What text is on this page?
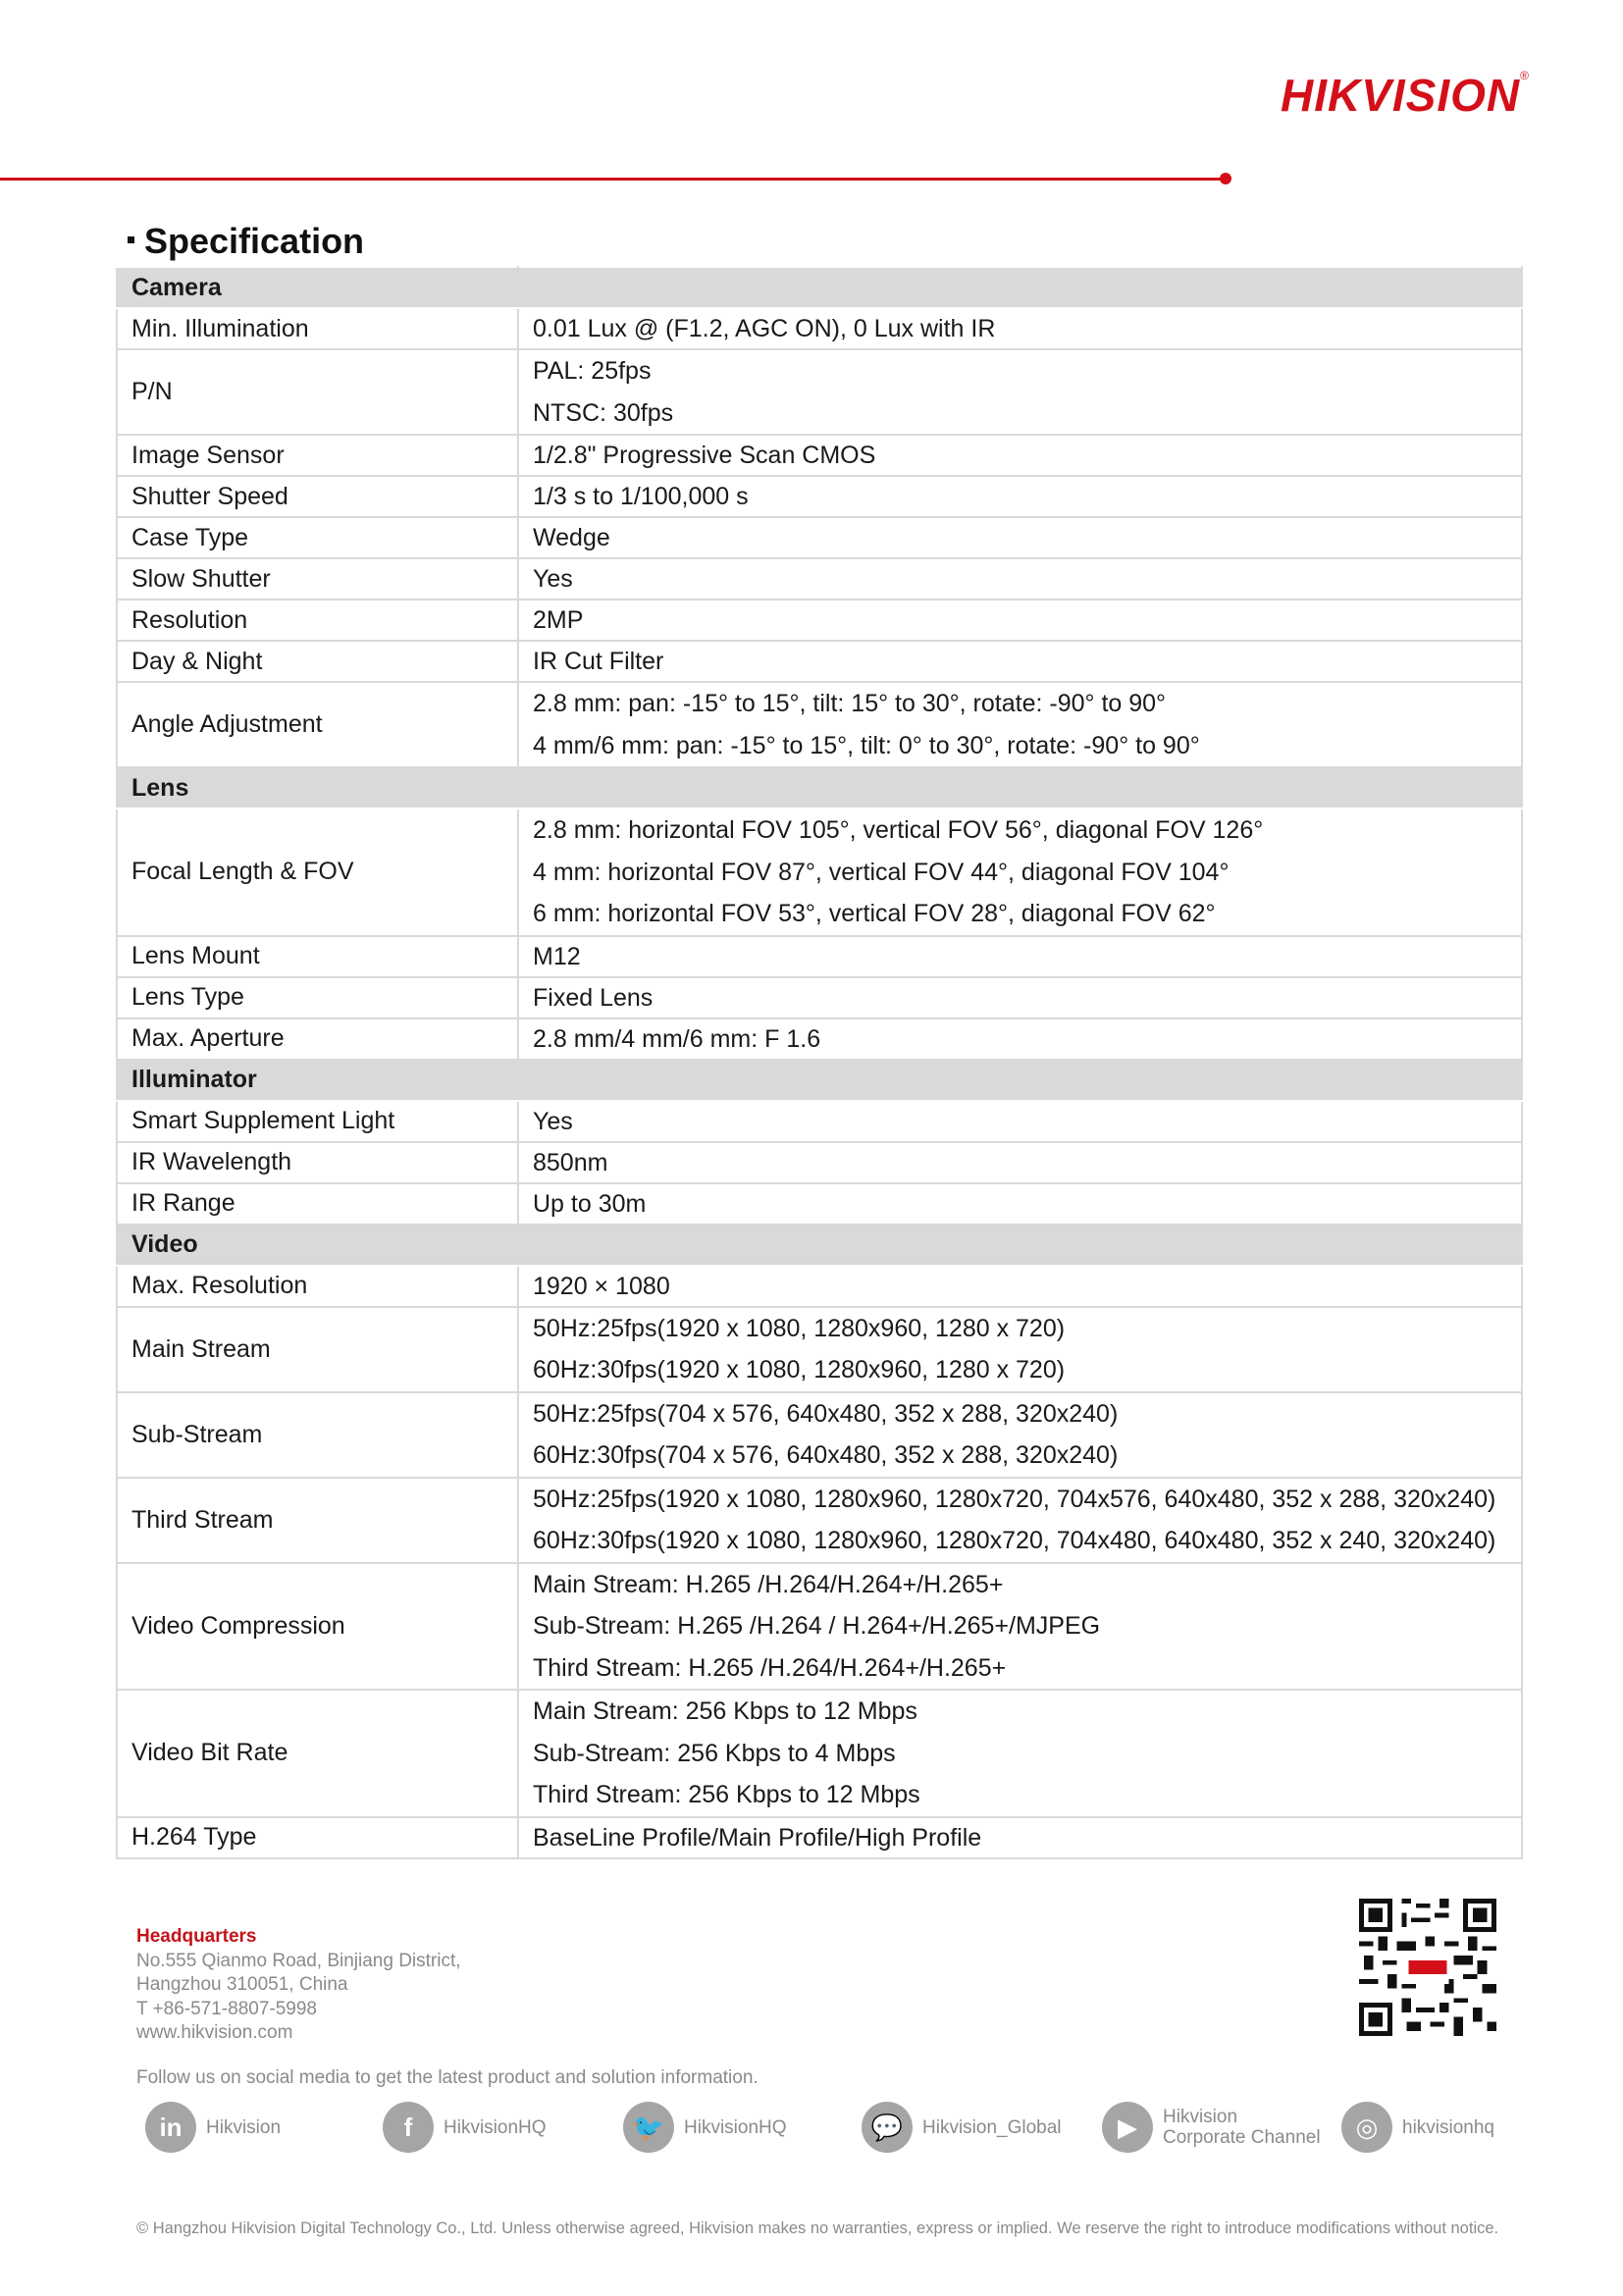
HIKVISION®
Specification
Camera	
Min. Illumination	0.01 Lux @ (F1.2, AGC ON), 0 Lux with IR

P/N	PAL: 25fps
NTSC: 30fps

Image Sensor	1/2.8" Progressive Scan CMOS

Shutter Speed	1/3 s to 1/100,000 s

Case Type	Wedge

Slow Shutter	Yes

Resolution	2MP

Day & Night	IR Cut Filter

Angle Adjustment	2.8 mm: pan: -15° to 15°, tilt: 15° to 30°, rotate: -90° to 90°
4 mm/6 mm: pan: -15° to 15°, tilt: 0° to 30°, rotate: -90° to 90°

Lens	
Focal Length & FOV	2.8 mm: horizontal FOV 105°, vertical FOV 56°, diagonal FOV 126°
4 mm: horizontal FOV 87°, vertical FOV 44°, diagonal FOV 104°
6 mm: horizontal FOV 53°, vertical FOV 28°, diagonal FOV 62°

Lens Mount	M12

Lens Type	Fixed Lens

Max. Aperture	2.8 mm/4 mm/6 mm: F 1.6

Illuminator	
Smart Supplement Light	Yes

IR Wavelength	850nm

IR Range	Up to 30m

Video	
Max. Resolution	1920 × 1080

Main Stream	50Hz:25fps(1920 x 1080, 1280x960, 1280 x 720)
60Hz:30fps(1920 x 1080, 1280x960, 1280 x 720)

Sub-Stream	50Hz:25fps(704 x 576, 640x480, 352 x 288, 320x240)
60Hz:30fps(704 x 576, 640x480, 352 x 288, 320x240)

Third Stream	50Hz:25fps(1920 x 1080, 1280x960, 1280x720, 704x576, 640x480, 352 x 288, 320x240)
60Hz:30fps(1920 x 1080, 1280x960, 1280x720, 704x480, 640x480, 352 x 240, 320x240)

Video Compression	Main Stream: H.265 /H.264/H.264+/H.265+
Sub-Stream: H.265 /H.264 / H.264+/H.265+/MJPEG
Third Stream: H.265 /H.264/H.264+/H.265+

Video Bit Rate	Main Stream: 256 Kbps to 12 Mbps
Sub-Stream: 256 Kbps to 4 Mbps
Third Stream: 256 Kbps to 12 Mbps

H.264 Type	BaseLine Profile/Main Profile/High Profile
Headquarters
No.555 Qianmo Road, Binjiang District,
Hangzhou 310051, China
T +86-571-8807-5998
www.hikvision.com
Follow us on social media to get the latest product and solution information.
in	Hikvision	f	HikvisionHQ	🐦	HikvisionHQ	💬	Hikvision_Global	▶	Hikvision
Corporate Channel	◎	hikvisionhq
© Hangzhou Hikvision Digital Technology Co., Ltd. Unless otherwise agreed, Hikvision makes no warranties, express or implied. We reserve the right to introduce modifications without notice.
